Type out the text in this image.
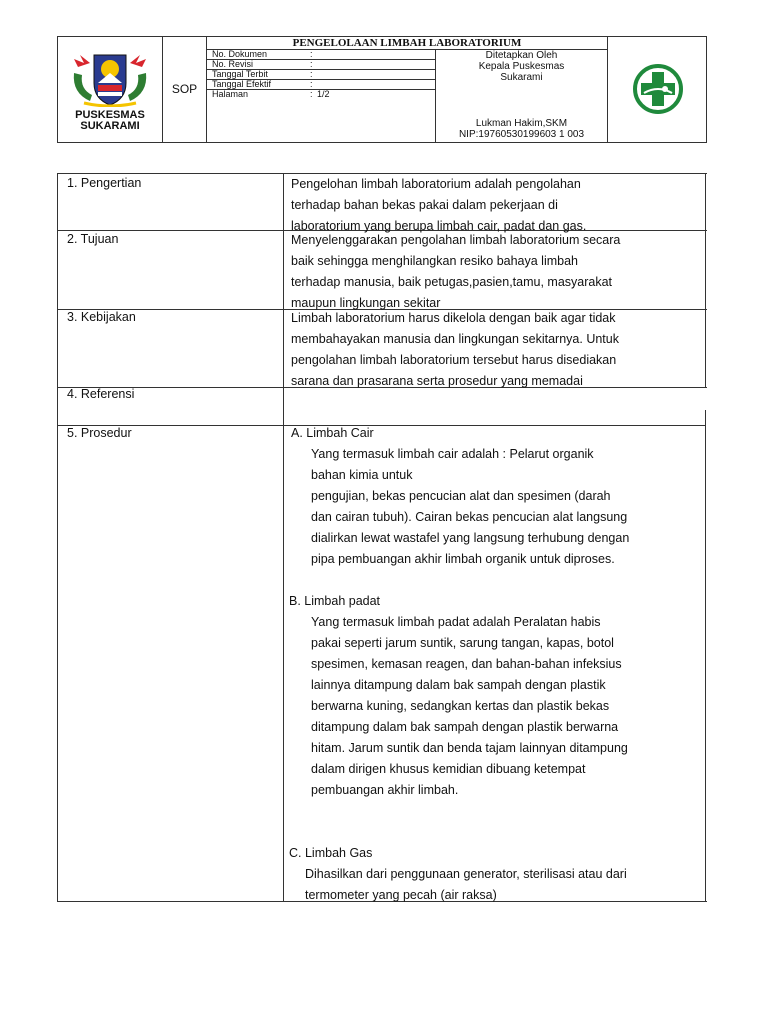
PUSKESMAS
SUKARAMI
SOP
PENGELOLAAN LIMBAH LABORATORIUM
No. Dokumen	:
No. Revisi	:
Tanggal Terbit	:
Tanggal Efektif	:
Halaman	: 1/2
Ditetapkan Oleh
Kepala Puskesmas
Sukarami
Lukman Hakim,SKM
NIP:19760530199603 1 003
1. Pengertian	Pengelohan limbah laboratorium adalah pengolahan
terhadap bahan bekas pakai dalam pekerjaan di
laboratorium yang berupa limbah cair, padat dan gas.
2. Tujuan	Menyelenggarakan pengolahan limbah laboratorium secara
baik sehingga menghilangkan resiko bahaya limbah
terhadap manusia, baik petugas,pasien,tamu, masyarakat
maupun lingkungan sekitar
3. Kebijakan	Limbah laboratorium harus dikelola dengan baik agar tidak
membahayakan manusia dan lingkungan sekitarnya. Untuk
pengolahan limbah laboratorium tersebut harus disediakan
sarana dan prasarana serta prosedur yang memadai
4. Referensi
5. Prosedur	A. Limbah Cair
Yang termasuk limbah cair adalah : Pelarut organik
bahan kimia untuk
pengujian, bekas pencucian alat dan spesimen (darah
dan cairan tubuh). Cairan bekas pencucian alat langsung
dialirkan lewat wastafel yang langsung terhubung dengan
pipa pembuangan akhir limbah organik untuk diproses.
B. Limbah padat
Yang termasuk limbah padat adalah Peralatan habis
pakai seperti jarum suntik, sarung tangan, kapas, botol
spesimen, kemasan reagen, dan bahan-bahan infeksius
lainnya ditampung dalam bak sampah dengan plastik
berwarna kuning, sedangkan kertas dan plastik bekas
ditampung dalam bak sampah dengan plastik berwarna
hitam. Jarum suntik dan benda tajam lainnyan ditampung
dalam dirigen khusus kemidian dibuang ketempat
pembuangan akhir limbah.
C. Limbah Gas
Dihasilkan dari penggunaan generator, sterilisasi atau dari
termometer yang pecah (air raksa)
